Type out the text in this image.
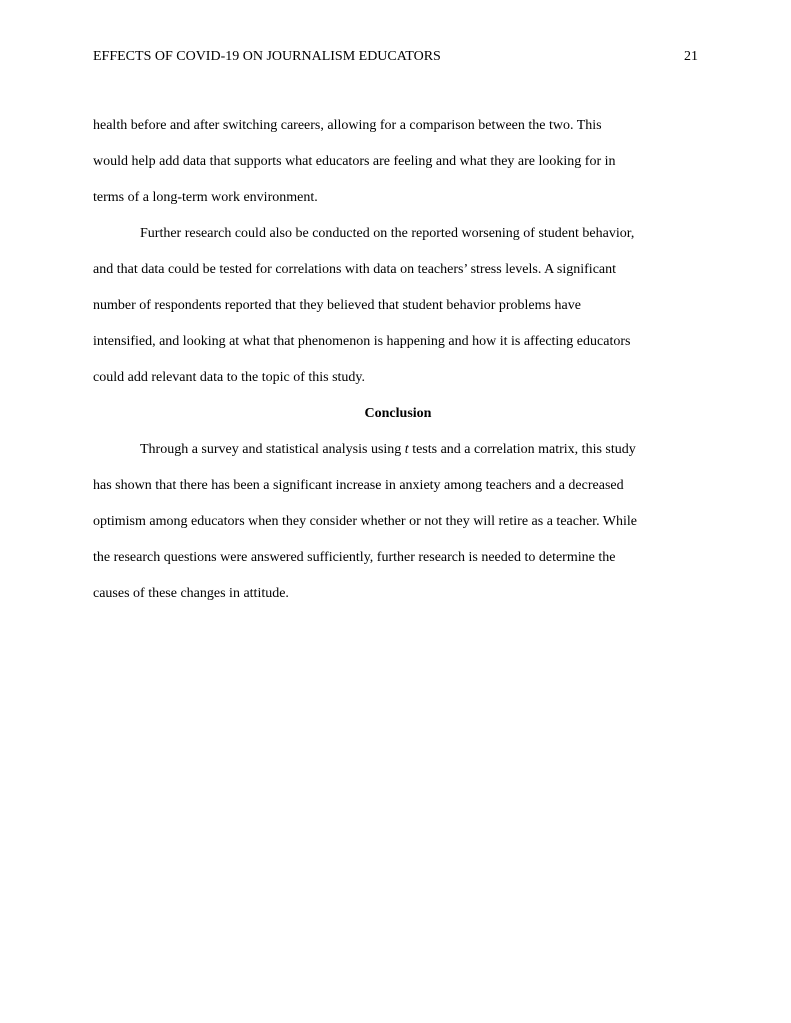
EFFECTS OF COVID-19 ON JOURNALISM EDUCATORS	21

health before and after switching careers, allowing for a comparison between the two. This
would help add data that supports what educators are feeling and what they are looking for in
terms of a long-term work environment.

Further research could also be conducted on the reported worsening of student behavior,
and that data could be tested for correlations with data on teachers’ stress levels. A significant
number of respondents reported that they believed that student behavior problems have
intensified, and looking at what that phenomenon is happening and how it is affecting educators
could add relevant data to the topic of this study.

Conclusion

Through a survey and statistical analysis using t tests and a correlation matrix, this study
has shown that there has been a significant increase in anxiety among teachers and a decreased
optimism among educators when they consider whether or not they will retire as a teacher. While
the research questions were answered sufficiently, further research is needed to determine the
causes of these changes in attitude.
